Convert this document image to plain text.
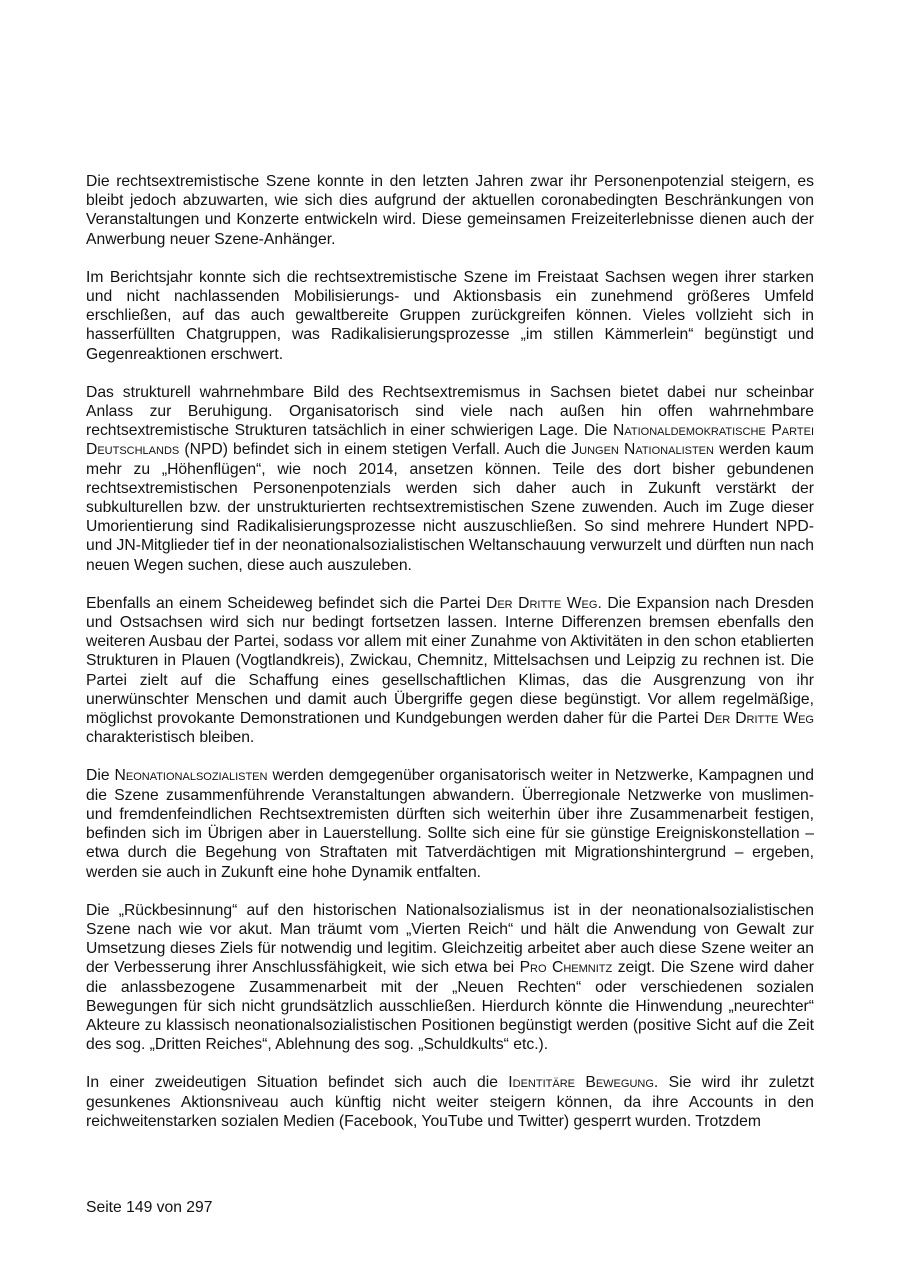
Die rechtsextremistische Szene konnte in den letzten Jahren zwar ihr Personenpotenzial steigern, es bleibt jedoch abzuwarten, wie sich dies aufgrund der aktuellen coronabedingten Beschränkungen von Veranstaltungen und Konzerte entwickeln wird. Diese gemeinsamen Freizeiterlebnisse dienen auch der Anwerbung neuer Szene-Anhänger.

Im Berichtsjahr konnte sich die rechtsextremistische Szene im Freistaat Sachsen wegen ihrer starken und nicht nachlassenden Mobilisierungs- und Aktionsbasis ein zunehmend größeres Umfeld erschließen, auf das auch gewaltbereite Gruppen zurückgreifen können. Vieles vollzieht sich in hasserfüllten Chatgruppen, was Radikalisierungsprozesse „im stillen Kämmerlein“ begünstigt und Gegenreaktionen erschwert.

Das strukturell wahrnehmbare Bild des Rechtsextremismus in Sachsen bietet dabei nur scheinbar Anlass zur Beruhigung. Organisatorisch sind viele nach außen hin offen wahrnehmbare rechtsextremistische Strukturen tatsächlich in einer schwierigen Lage. Die Nationaldemokratische Partei Deutschlands (NPD) befindet sich in einem stetigen Verfall. Auch die Jungen Nationalisten werden kaum mehr zu „Höhenflügen“, wie noch 2014, ansetzen können. Teile des dort bisher gebundenen rechtsextremistischen Personenpotenzials werden sich daher auch in Zukunft verstärkt der subkulturellen bzw. der unstrukturierten rechtsextremistischen Szene zuwenden. Auch im Zuge dieser Umorientierung sind Radikalisierungsprozesse nicht auszuschließen. So sind mehrere Hundert NPD- und JN-Mitglieder tief in der neonationalsozialistischen Weltanschauung verwurzelt und dürften nun nach neuen Wegen suchen, diese auch auszuleben.

Ebenfalls an einem Scheideweg befindet sich die Partei Der Dritte Weg. Die Expansion nach Dresden und Ostsachsen wird sich nur bedingt fortsetzen lassen. Interne Differenzen bremsen ebenfalls den weiteren Ausbau der Partei, sodass vor allem mit einer Zunahme von Aktivitäten in den schon etablierten Strukturen in Plauen (Vogtlandkreis), Zwickau, Chemnitz, Mittelsachsen und Leipzig zu rechnen ist. Die Partei zielt auf die Schaffung eines gesellschaftlichen Klimas, das die Ausgrenzung von ihr unerwünschter Menschen und damit auch Übergriffe gegen diese begünstigt. Vor allem regelmäßige, möglichst provokante Demonstrationen und Kundgebungen werden daher für die Partei Der Dritte Weg charakteristisch bleiben.

Die Neonationalsozialisten werden demgegenüber organisatorisch weiter in Netzwerke, Kampagnen und die Szene zusammenführende Veranstaltungen abwandern. Überregionale Netzwerke von muslimen- und fremdenfeindlichen Rechtsextremisten dürften sich weiterhin über ihre Zusammenarbeit festigen, befinden sich im Übrigen aber in Lauerstellung. Sollte sich eine für sie günstige Ereigniskonstellation – etwa durch die Begehung von Straftaten mit Tatverdächtigen mit Migrationshintergrund – ergeben, werden sie auch in Zukunft eine hohe Dynamik entfalten.

Die „Rückbesinnung“ auf den historischen Nationalsozialismus ist in der neonationalsozialistischen Szene nach wie vor akut. Man träumt vom „Vierten Reich“ und hält die Anwendung von Gewalt zur Umsetzung dieses Ziels für notwendig und legitim. Gleichzeitig arbeitet aber auch diese Szene weiter an der Verbesserung ihrer Anschlussfähigkeit, wie sich etwa bei Pro Chemnitz zeigt. Die Szene wird daher die anlassbezogene Zusammenarbeit mit der „Neuen Rechten“ oder verschiedenen sozialen Bewegungen für sich nicht grundsätzlich ausschließen. Hierdurch könnte die Hinwendung „neurechter“ Akteure zu klassisch neonationalsozialistischen Positionen begünstigt werden (positive Sicht auf die Zeit des sog. „Dritten Reiches“, Ablehnung des sog. „Schuldkults“ etc.).

In einer zweideutigen Situation befindet sich auch die Identitäre Bewegung. Sie wird ihr zuletzt gesunkenes Aktionsniveau auch künftig nicht weiter steigern können, da ihre Accounts in den reichweitenstarken sozialen Medien (Facebook, YouTube und Twitter) gesperrt wurden. Trotzdem

Seite 149 von 297
